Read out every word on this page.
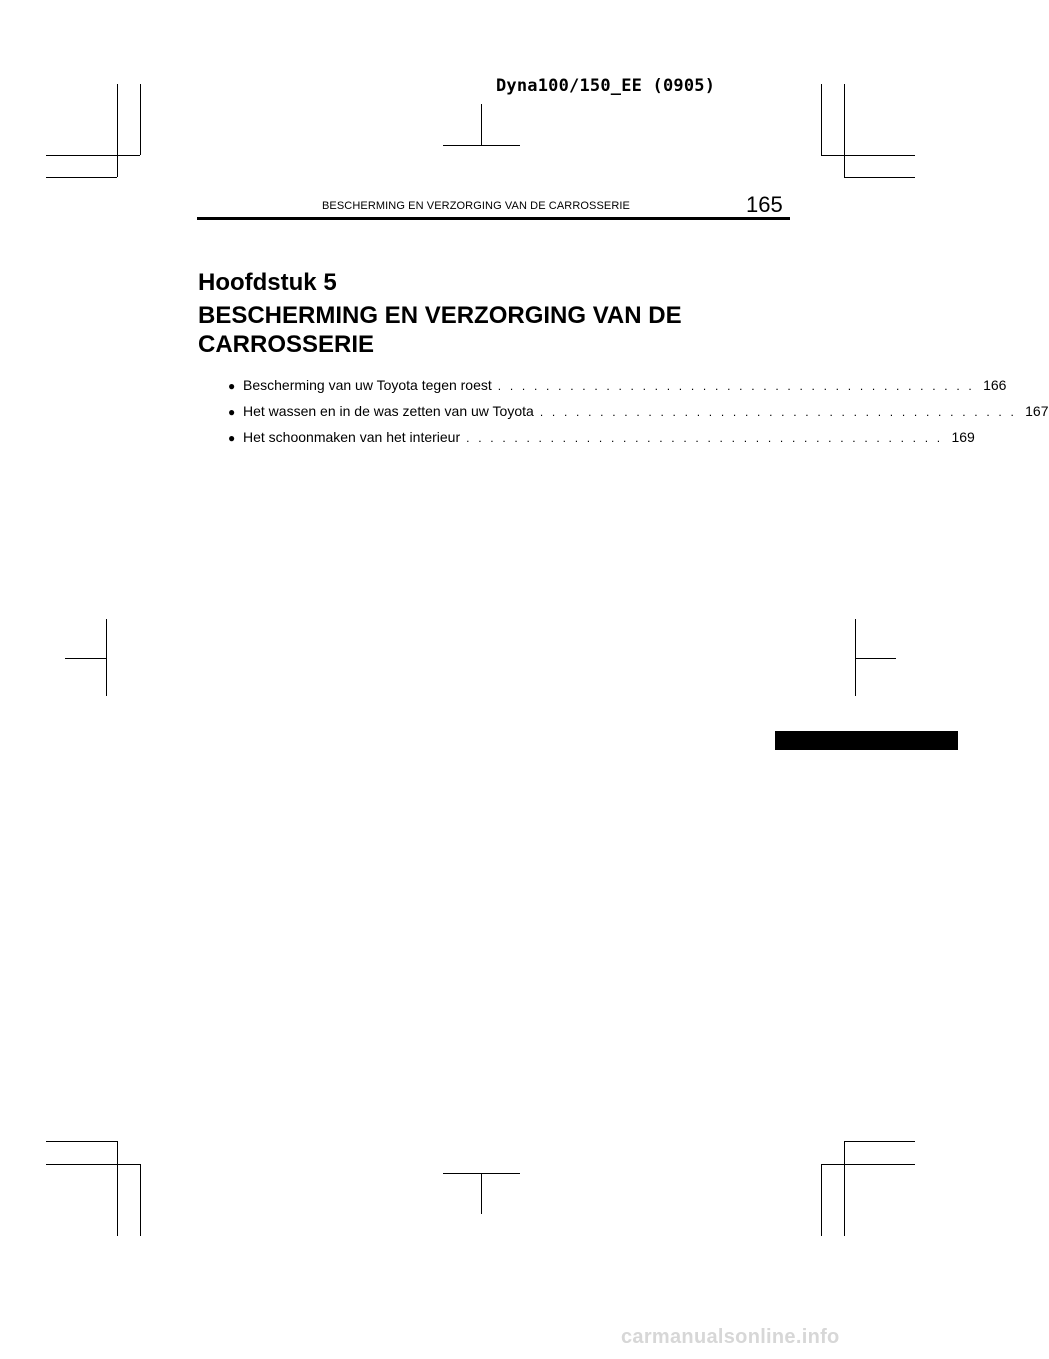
Dyna100/150_EE (0905)
BESCHERMING EN VERZORGING VAN DE CARROSSERIE	165
Hoofdstuk 5
BESCHERMING EN VERZORGING VAN DE CARROSSERIE
● Bescherming van uw Toyota tegen roest . . . . . . . . . . . . . . . . . . . . . . . . . . . . . . . . . . . . . . . . 166
● Het wassen en in de was zetten van uw Toyota . . . . . . . . . . . . . . . . . . . . . . . . . . . . . . . . . . . . . . . . 167
● Het schoonmaken van het interieur . . . . . . . . . . . . . . . . . . . . . . . . . . . . . . . . . . . . . . . . 169
carmanualsonline.info
